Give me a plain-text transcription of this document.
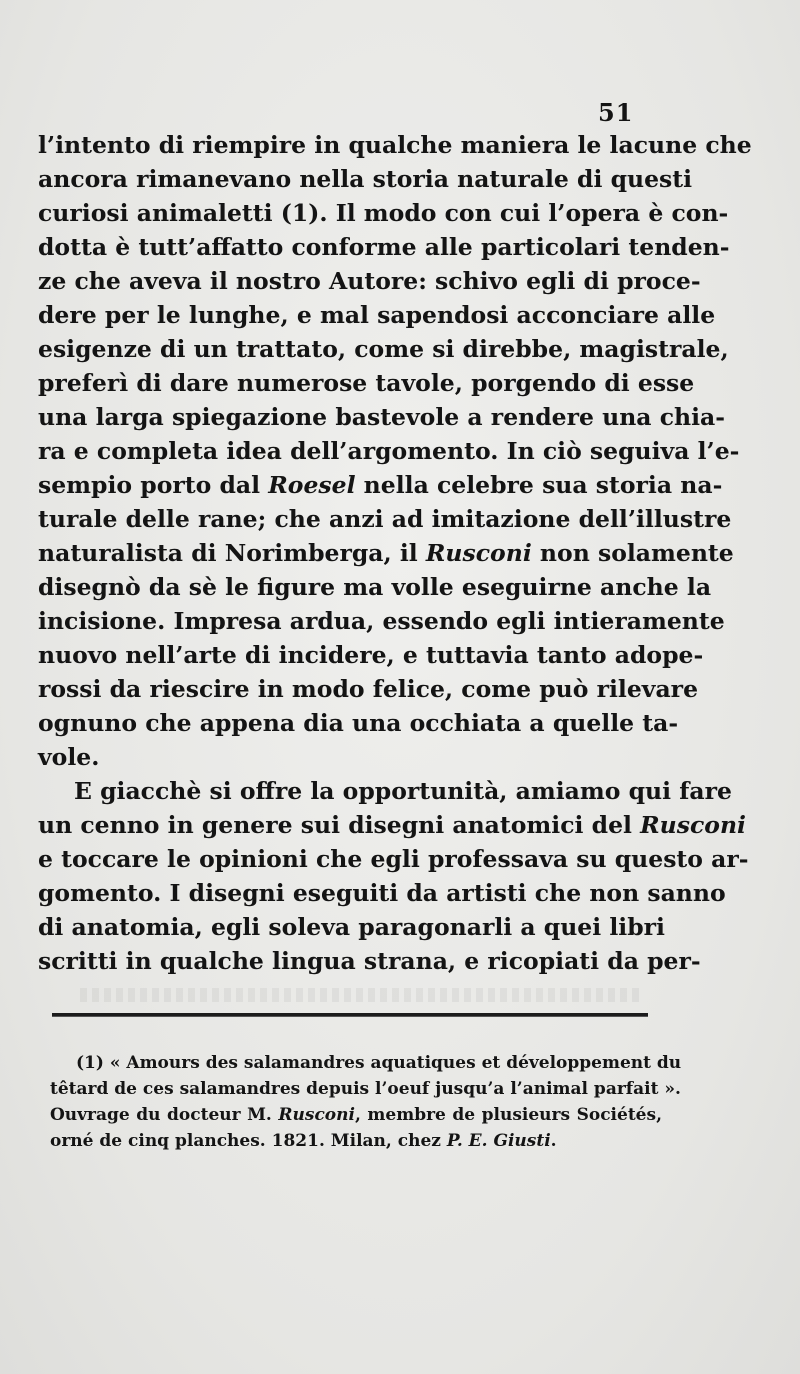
51
l’intento di riempire in qualche maniera le lacune che
ancora rimanevano nella storia naturale di questi
curiosi animaletti (1). Il modo con cui l’opera è con-
dotta è tutt’affatto conforme alle particolari tenden-
ze che aveva il nostro Autore: schivo egli di proce-
dere per le lunghe, e mal sapendosi acconciare alle
esigenze di un trattato, come si direbbe, magistrale,
preferì di dare numerose tavole, porgendo di esse
una larga spiegazione bastevole a rendere una chia-
ra e completa idea dell’argomento. In ciò seguiva l’e-
sempio porto dal Roesel nella celebre sua storia na-
turale delle rane; che anzi ad imitazione dell’illustre
naturalista di Norimberga, il Rusconi non solamente
disegnò da sè le figure ma volle eseguirne anche la
incisione. Impresa ardua, essendo egli intieramente
nuovo nell’arte di incidere, e tuttavia tanto adope-
rossi da riescire in modo felice, come può rilevare
ognuno che appena dia una occhiata a quelle ta-
vole.
E giacchè si offre la opportunità, amiamo qui fare
un cenno in genere sui disegni anatomici del Rusconi
e toccare le opinioni che egli professava su questo ar-
gomento. I disegni eseguiti da artisti che non sanno
di anatomia, egli soleva paragonarli a quei libri
scritti in qualche lingua strana, e ricopiati da per-
(1) « Amours des salamandres aquatiques et développement du
têtard de ces salamandres depuis l’oeuf jusqu’a l’animal parfait ».
Ouvrage du docteur M. Rusconi, membre de plusieurs Sociétés,
orné de cinq planches. 1821. Milan, chez P. E. Giusti.
